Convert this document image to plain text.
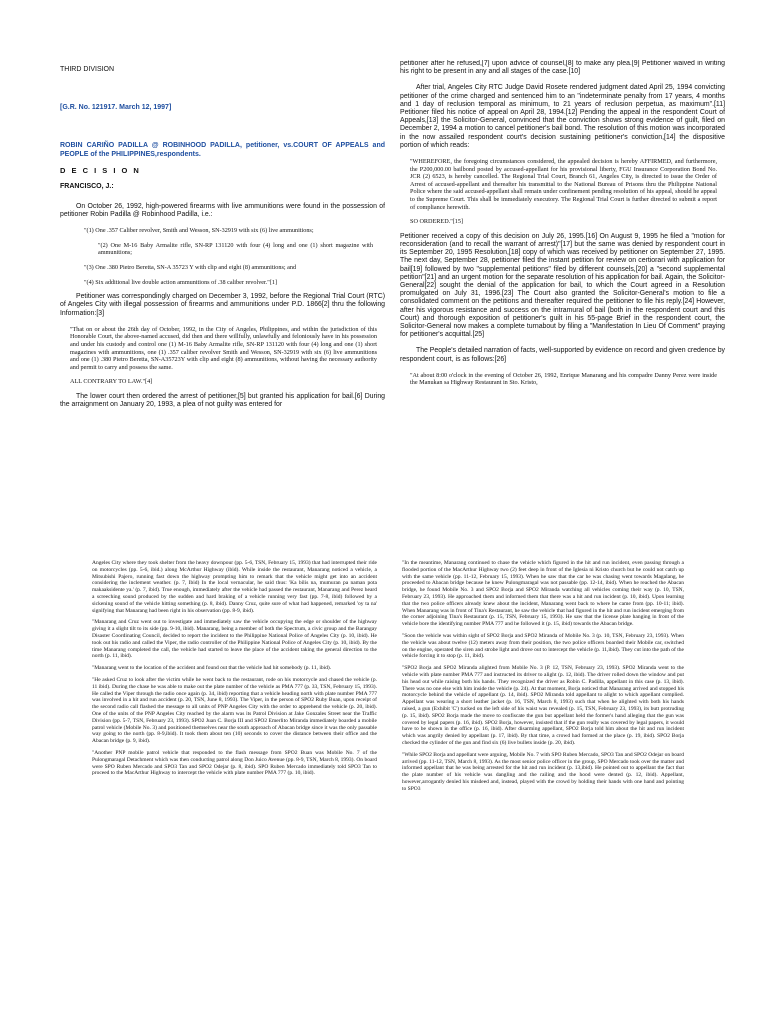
THIRD DIVISION

[G.R. No. 121917. March 12, 1997]

ROBIN CARIÑO PADILLA @ ROBINHOOD PADILLA, petitioner, vs.COURT OF APPEALS and PEOPLE of the PHILIPPINES,respondents.

D E C I S I O N

FRANCISCO, J.:

On October 26, 1992, high-powered firearms with live ammunitions were found in the possession of petitioner Robin Padilla @ Robinhood Padilla, i.e.:

"(1) One .357 Caliber revolver, Smith and Wesson, SN-32919 with six (6) live ammunitions;

"(2) One M-16 Baby Armalite rifle, SN-RP 131120 with four (4) long and one (1) short magazine with ammunitions;

"(3) One .380 Pietro Beretta, SN-A 35723 Y with clip and eight (8) ammunitions; and

"(4) Six additional live double action ammunitions of .38 caliber revolver."[1]

Petitioner was correspondingly charged on December 3, 1992, before the Regional Trial Court (RTC) of Angeles City with illegal possession of firearms and ammunitions under P.D. 1866[2] thru the following Information:[3]

"That on or about the 26th day of October, 1992, in the City of Angeles, Philippines, and within the jurisdiction of this Honorable Court, the above-named accused, did then and there willfully, unlawfully and feloniously have in his possession and under his custody and control one (1) M-16 Baby Armalite rifle, SN-RP 131120 with four (4) long and one (1) short magazines with ammunitions, one (1) .357 caliber revolver Smith and Wesson, SN-32919 with six (6) live ammunitions and one (1) .380 Pietro Beretta, SN-A35723Y with clip and eight (8) ammunitions, without having the necessary authority and permit to carry and possess the same.

ALL CONTRARY TO LAW."[4]

The lower court then ordered the arrest of petitioner,[5] but granted his application for bail.[6] During the arraignment on January 20, 1993, a plea of not guilty was entered for

petitioner after he refused,[7] upon advice of counsel,[8] to make any plea.[9] Petitioner waived in writing his right to be present in any and all stages of the case.[10]

After trial, Angeles City RTC Judge David Rosete rendered judgment dated April 25, 1994 convicting petitioner of the crime charged and sentenced him to an "indeterminate penalty from 17 years, 4 months and 1 day of reclusion temporal as minimum, to 21 years of reclusion perpetua, as maximum".[11] Petitioner filed his notice of appeal on April 28, 1994.[12] Pending the appeal in the respondent Court of Appeals,[13] the Solicitor-General, convinced that the conviction shows strong evidence of guilt, filed on December 2, 1994 a motion to cancel petitioner's bail bond. The resolution of this motion was incorporated in the now assailed respondent court's decision sustaining petitioner's conviction,[14] the dispositive portion of which reads:

"WHEREFORE, the foregoing circumstances considered, the appealed decision is hereby AFFIRMED, and furthermore, the P200,000.00 bailbond posted by accused-appellant for his provisional liberty, FGU Insurance Corporation Bond No. JCR (2) 6523, is hereby cancelled. The Regional Trial Court, Branch 61, Angeles City, is directed to issue the Order of Arrest of accused-appellant and thereafter his transmittal to the National Bureau of Prisons thru the Philippine National Police where the said accused-appellant shall remain under confinement pending resolution of his appeal, should he appeal to the Supreme Court. This shall be immediately executory. The Regional Trial Court is further directed to submit a report of compliance herewith.

SO ORDERED."[15]

Petitioner received a copy of this decision on July 26, 1995.[16] On August 9, 1995 he filed a "motion for reconsideration (and to recall the warrant of arrest)"[17] but the same was denied by respondent court in its September 20, 1995 Resolution,[18] copy of which was received by petitioner on September 27, 1995. The next day, September 28, petitioner filed the instant petition for review on certiorari with application for bail[19] followed by two "supplemental petitions" filed by different counsels,[20] a "second supplemental petition"[21] and an urgent motion for the separate resolution of his application for bail. Again, the Solicitor-General[22] sought the denial of the application for bail, to which the Court agreed in a Resolution promulgated on July 31, 1996.[23] The Court also granted the Solicitor-General's motion to file a consolidated comment on the petitions and thereafter required the petitioner to file his reply.[24] However, after his vigorous resistance and success on the intramural of bail (both in the respondent court and this Court) and thorough exposition of petitioner's guilt in his 55-page Brief in the respondent court, the Solicitor-General now makes a complete turnabout by filing a "Manifestation In Lieu Of Comment" praying for petitioner's acquittal.[25]

The People's detailed narration of facts, well-supported by evidence on record and given credence by respondent court, is as follows:[26]

"At about 8:00 o'clock in the evening of October 26, 1992, Enrique Manarang and his compadre Danny Perez were inside the Manukan sa Highway Restaurant in Sto. Kristo,

Angeles City where they took shelter from the heavy downpour (pp. 5-6, TSN, February 15, 1993) that had interrupted their ride on motorcycles (pp. 5-6, ibid.) along McArthur Highway (ibid). While inside the restaurant, Manarang noticed a vehicle, a Mitsubishi Pajero, running fast down the highway prompting him to remark that the vehicle might get into an accident considering the inclement weather. (p. 7, Ibid) In the local vernacular, he said thus: 'Ka bilis na, mumuran pa naman pota makaaksidente ya.' (p. 7, ibid). True enough, immediately after the vehicle had passed the restaurant, Manarang and Perez heard a screeching sound produced by the sudden and hard braking of a vehicle running very fast (pp. 7-8, ibid) followed by a sickening sound of the vehicle hitting something (p. 8, ibid). Danny Cruz, quite sure of what had happened, remarked 'oy ta na' signifying that Manarang had been right in his observation (pp. 8-9, ibid).

"Manarang and Cruz went out to investigate and immediately saw the vehicle occupying the edge or shoulder of the highway giving it a slight tilt to its side (pp. 9-10, ibid). Manarang, being a member of both the Spectrum, a civic group and the Barangay Disaster Coordinating Council, decided to report the incident to the Philippine National Police of Angeles City (p. 10, ibid). He took out his radio and called the Viper, the radio controller of the Philippine National Police of Angeles City (p. 10, ibid). By the time Manarang completed the call, the vehicle had started to leave the place of the accident taking the general direction to the north (p. 11, ibid).

"Manarang went to the location of the accident and found out that the vehicle had hit somebody (p. 11, ibid).

"He asked Cruz to look after the victim while he went back to the restaurant, rode on his motorcycle and chased the vehicle (p. 11 ibid). During the chase he was able to make out the plate number of the vehicle as PMA 777 (p. 33, TSN, February 15, 1993). He called the Viper through the radio once again (p. 34, ibid) reporting that a vehicle heading north with plate number PMA 777 was involved in a hit and run accident (p. 20, TSN, June 8, 1993). The Viper, in the person of SPO2 Ruby Buan, upon receipt of the second radio call flashed the message to all units of PNP Angeles City with the order to apprehend the vehicle (p. 20, ibid). One of the units of the PNP Angeles City reached by the alarm was its Patrol Division at Jake Gonzales Street near the Traffic Division (pp. 5-7, TSN, February 23, 1993). SPO2 Juan C. Borja III and SPO2 Emerlito Miranda immediately boarded a mobile patrol vehicle (Mobile No. 3) and positioned themselves near the south approach of Abacan bridge since it was the only passable way going to the north (pp. 8-9,ibid). It took them about ten (10) seconds to cover the distance between their office and the Abacan bridge (p. 9, ibid).

"Another PNP mobile patrol vehicle that responded to the flash message from SPO2 Buan was Mobile No. 7 of the Pulongmaragal Detachment which was then conducting patrol along Don Juico Avenue (pp. 8-9, TSN, March 8, 1993). On board were SPO Ruben Mercado and SPO3 Tan and SPO2 Odejar (p. 8, ibid). SPO Ruben Mercado immediately told SPO3 Tan to proceed to the MacArthur Highway to intercept the vehicle with plate number PMA 777 (p. 10, ibid).

"In the meantime, Manarang continued to chase the vehicle which figured in the hit and run incident, even passing through a flooded portion of the MacArthur Highway two (2) feet deep in front of the Iglesia ni Kristo church but he could not catch up with the same vehicle (pp. 11-12, February 15, 1993). When he saw that the car he was chasing went towards Magalang, he proceeded to Abacan bridge because he knew Pulongmaragal was not passable (pp. 12-14, ibid). When he reached the Abacan bridge, he found Mobile No. 3 and SPO2 Borja and SPO2 Miranda watching all vehicles coming their way (p. 10, TSN, February 23, 1993). He approached them and informed them that there was a hit and run incident (p. 10, ibid). Upon learning that the two police officers already knew about the incident, Manarang went back to where he came from (pp. 10-11; ibid). When Manarang was in front of Tina's Restaurant, he saw the vehicle that had figured in the hit and run incident emerging from the corner adjoining Tina's Restaurant (p. 15, TSN, February 15, 1993). He saw that the license plate hanging in front of the vehicle bore the identifying number PMA 777 and he followed it (p. 15, ibid) towards the Abacan bridge.

"Soon the vehicle was within sight of SPO2 Borja and SPO2 Miranda of Mobile No. 3 (p. 10, TSN, February 23, 1993). When the vehicle was about twelve (12) meters away from their position, the two police officers boarded their Mobile car, switched on the engine, operated the siren and strobe light and drove out to intercept the vehicle (p. 11,ibid). They cut into the path of the vehicle forcing it to stop (p. 11, ibid).

"SPO2 Borja and SPO2 Miranda alighted from Mobile No. 3 (P. 12, TSN, February 23, 1993). SPO2 Miranda went to the vehicle with plate number PMA 777 and instructed its driver to alight (p. 12, ibid). The driver rolled down the window and put his head out while raising both his hands. They recognized the driver as Robin C. Padilla, appellant in this case (p. 13, ibid). There was no one else with him inside the vehicle (p. 24). At that moment, Borja noticed that Manarang arrived and stopped his motorcycle behind the vehicle of appellant (p. 14, ibid). SPO2 Miranda told appellant to alight to which appellant complied. Appellant was wearing a short leather jacket (p. 16, TSN, March 8, 1993) such that when he alighted with both his hands raised, a gun (Exhibit 'C') tucked on the left side of his waist was revealed (p. 15, TSN, February 23, 1993), its butt protruding (p. 15, ibid). SPO2 Borja made the move to confiscate the gun but appellant held the former's hand alleging that the gun was covered by legal papers (p. 16, ibid). SPO2 Borja, however, insisted that if the gun really was covered by legal papers, it would have to be shown in the office (p. 16, ibid). After disarming appellant, SPO2 Borja told him about the hit and run incident which was angrily denied by appellant (p. 17, ibid). By that time, a crowd had formed at the place (p. 19, ibid). SPO2 Borja checked the cylinder of the gun and find six (6) live bullets inside (p. 20, ibid).

"While SPO2 Borja and appellant were arguing, Mobile No. 7 with SPO Ruben Mercado, SPO3 Tan and SPO2 Odejar on board arrived (pp. 11-12, TSN, March 8, 1993). As the most senior police officer in the group, SPO Mercado took over the matter and informed appellant that he was being arrested for the hit and run incident (p. 13,ibid). He pointed out to appellant the fact that the plate number of his vehicle was dangling and the railing and the hood were dented (p. 12, ibid). Appellant, however,arrogantly denied his misdeed and, instead, played with the crowd by holding their hands with one hand and pointing to SPO3
